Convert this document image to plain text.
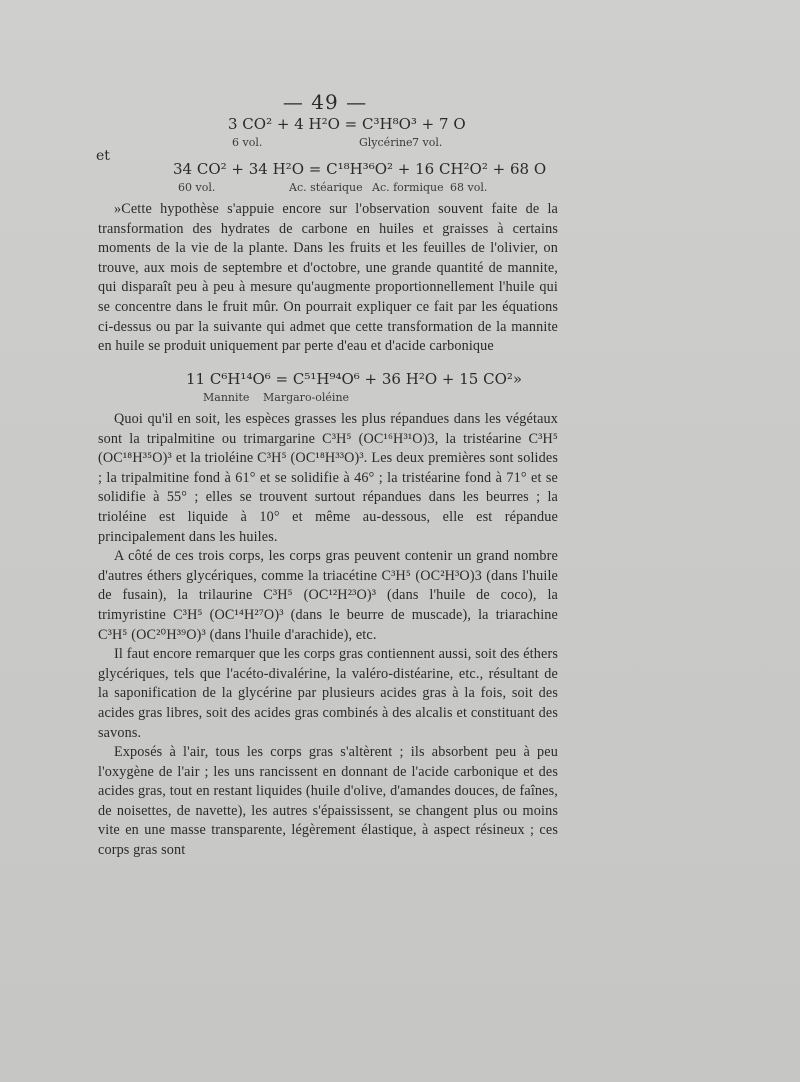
— 49 —
3 CO² + 4 H²O = C³H⁸O³ + 7 O
6 vol.	Glycérine 7 vol.
et
34 CO² + 34 H²O = C¹⁸H³⁶O² + 16 CH²O² + 68 O
60 vol.	Ac. stéarique Ac. formique 68 vol.

»Cette hypothèse s'appuie encore sur l'observation souvent faite de la transformation des hydrates de carbone en huiles et graisses à certains moments de la vie de la plante. Dans les fruits et les feuilles de l'olivier, on trouve, aux mois de septembre et d'octobre, une grande quantité de mannite, qui disparaît peu à peu à mesure qu'augmente proportionnellement l'huile qui se concentre dans le fruit mûr. On pourrait expliquer ce fait par les équations ci-dessus ou par la suivante qui admet que cette transformation de la mannite en huile se produit uniquement par perte d'eau et d'acide carbonique

11 C⁶H¹⁴O⁶ = C⁵¹H⁹⁴O⁶ + 36 H²O + 15 CO²»
Mannite Margaro-oléine

Quoi qu'il en soit, les espèces grasses les plus répandues dans les végétaux sont la tripalmitine ou trimargarine C³H⁵ (OC¹⁶H³¹O)3, la tristéarine C³H⁵ (OC¹⁸H³⁵O)³ et la trioléine C³H⁵ (OC¹⁸H³³O)³. Les deux premières sont solides ; la tripalmitine fond à 61° et se solidifie à 46° ; la tristéarine fond à 71° et se solidifie à 55° ; elles se trouvent surtout répandues dans les beurres ; la trioléine est liquide à 10° et même au-dessous, elle est répandue principalement dans les huiles.

A côté de ces trois corps, les corps gras peuvent contenir un grand nombre d'autres éthers glycériques, comme la triacétine C³H⁵ (OC²H³O)3 (dans l'huile de fusain), la trilaurine C³H⁵ (OC¹²H²³O)³ (dans l'huile de coco), la trimyristine C³H⁵ (OC¹⁴H²⁷O)³ (dans le beurre de muscade), la triarachine C³H⁵ (OC²⁰H³⁹O)³ (dans l'huile d'arachide), etc.

Il faut encore remarquer que les corps gras contiennent aussi, soit des éthers glycériques, tels que l'acéto-divalérine, la valéro-distéarine, etc., résultant de la saponification de la glycérine par plusieurs acides gras à la fois, soit des acides gras libres, soit des acides gras combinés à des alcalis et constituant des savons.

Exposés à l'air, tous les corps gras s'altèrent ; ils absorbent peu à peu l'oxygène de l'air ; les uns rancissent en donnant de l'acide carbonique et des acides gras, tout en restant liquides (huile d'olive, d'amandes douces, de faînes, de noisettes, de navette), les autres s'épaississent, se changent plus ou moins vite en une masse transparente, légèrement élastique, à aspect résineux ; ces corps gras sont
